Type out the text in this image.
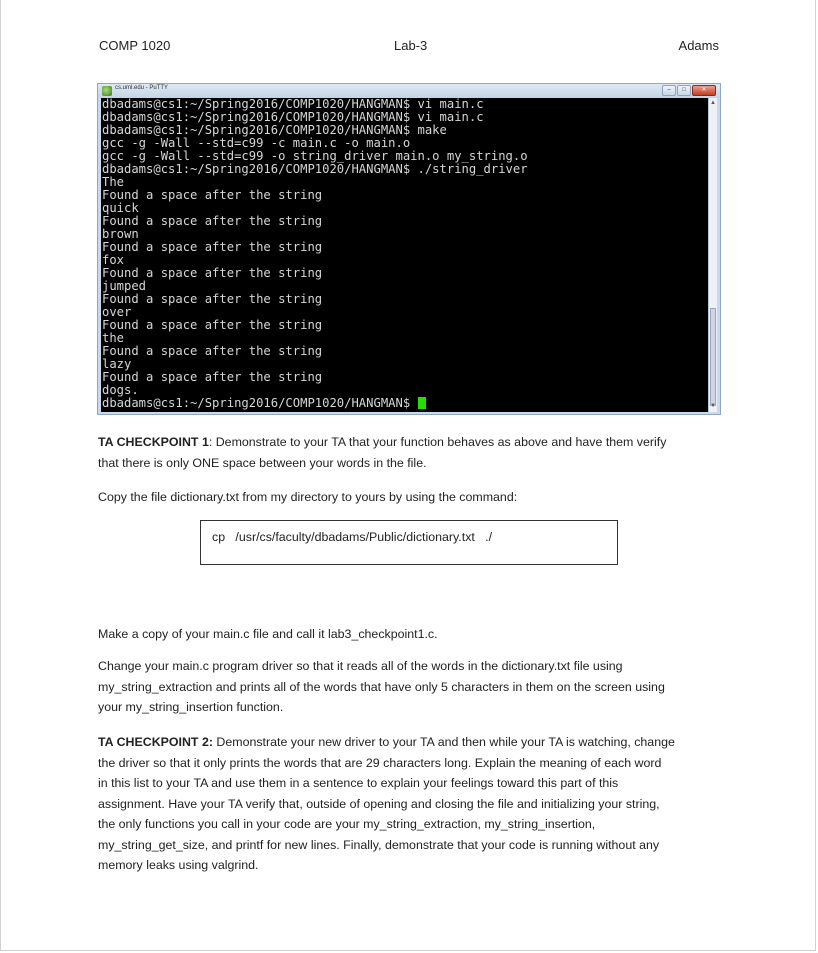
COMP 1020	Lab-3	Adams
cs.uml.edu - PuTTY	–	□	✕
dbadams@cs1:~/Spring2016/COMP1020/HANGMAN$ vi main.c
dbadams@cs1:~/Spring2016/COMP1020/HANGMAN$ vi main.c
dbadams@cs1:~/Spring2016/COMP1020/HANGMAN$ make
gcc -g -Wall --std=c99 -c main.c -o main.o
gcc -g -Wall --std=c99 -o string_driver main.o my_string.o
dbadams@cs1:~/Spring2016/COMP1020/HANGMAN$ ./string_driver
The
Found a space after the string
quick
Found a space after the string
brown
Found a space after the string
fox
Found a space after the string
jumped
Found a space after the string
over
Found a space after the string
the
Found a space after the string
lazy
Found a space after the string
dogs.
dbadams@cs1:~/Spring2016/COMP1020/HANGMAN$
▲
▼
TA CHECKPOINT 1: Demonstrate to your TA that your function behaves as above and have them verify
that there is only ONE space between your words in the file.
Copy the file dictionary.txt from my directory to yours by using the command:
cp   /usr/cs/faculty/dbadams/Public/dictionary.txt   ./
Make a copy of your main.c file and call it lab3_checkpoint1.c.
Change your main.c program driver so that it reads all of the words in the dictionary.txt file using
my_string_extraction and prints all of the words that have only 5 characters in them on the screen using
your my_string_insertion function.
TA CHECKPOINT 2: Demonstrate your new driver to your TA and then while your TA is watching, change
the driver so that it only prints the words that are 29 characters long. Explain the meaning of each word
in this list to your TA and use them in a sentence to explain your feelings toward this part of this
assignment. Have your TA verify that, outside of opening and closing the file and initializing your string,
the only functions you call in your code are your my_string_extraction, my_string_insertion,
my_string_get_size, and printf for new lines. Finally, demonstrate that your code is running without any
memory leaks using valgrind.
